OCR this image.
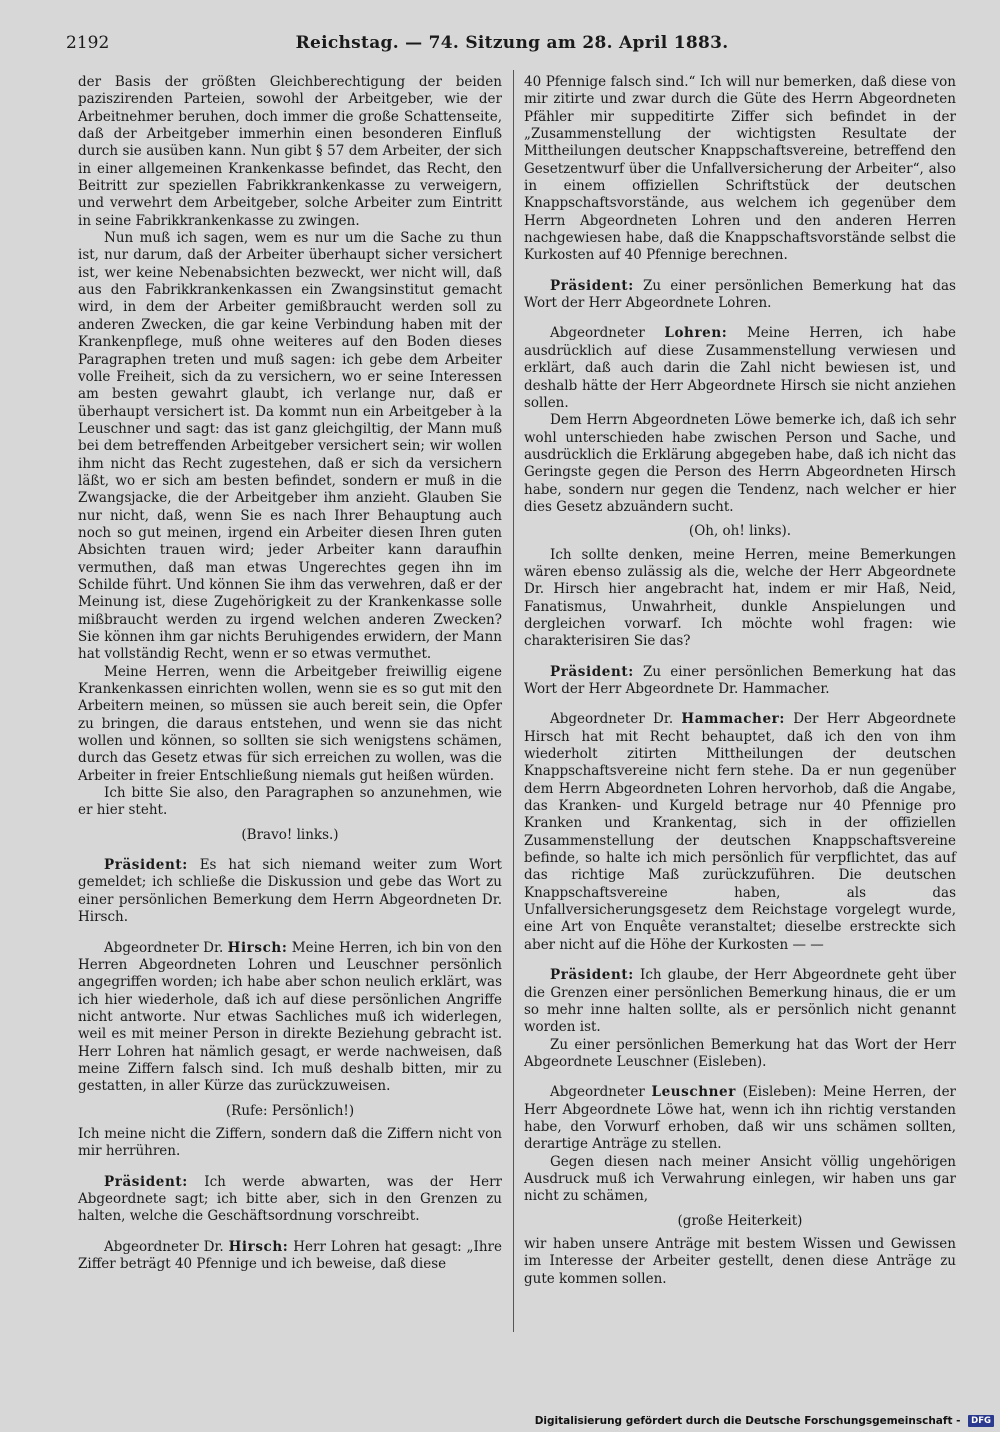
2192	Reichstag. — 74. Sitzung am 28. April 1883.

der Basis der größten Gleichberechtigung der beiden paziszirenden Parteien, sowohl der Arbeitgeber, wie der Arbeitnehmer beruhen, doch immer die große Schattenseite, daß der Arbeitgeber immerhin einen besonderen Einfluß durch sie ausüben kann. Nun gibt § 57 dem Arbeiter, der sich in einer allgemeinen Krankenkasse befindet, das Recht, den Beitritt zur speziellen Fabrikkrankenkasse zu verweigern, und verwehrt dem Arbeitgeber, solche Arbeiter zum Eintritt in seine Fabrikkrankenkasse zu zwingen.

Nun muß ich sagen, wem es nur um die Sache zu thun ist, nur darum, daß der Arbeiter überhaupt sicher versichert ist, wer keine Nebenabsichten bezweckt, wer nicht will, daß aus den Fabrikkrankenkassen ein Zwangsinstitut gemacht wird, in dem der Arbeiter gemißbraucht werden soll zu anderen Zwecken, die gar keine Verbindung haben mit der Krankenpflege, muß ohne weiteres auf den Boden dieses Paragraphen treten und muß sagen: ich gebe dem Arbeiter volle Freiheit, sich da zu versichern, wo er seine Interessen am besten gewahrt glaubt, ich verlange nur, daß er überhaupt versichert ist. Da kommt nun ein Arbeitgeber à la Leuschner und sagt: das ist ganz gleichgiltig, der Mann muß bei dem betreffenden Arbeitgeber versichert sein; wir wollen ihm nicht das Recht zugestehen, daß er sich da versichern läßt, wo er sich am besten befindet, sondern er muß in die Zwangsjacke, die der Arbeitgeber ihm anzieht. Glauben Sie nur nicht, daß, wenn Sie es nach Ihrer Behauptung auch noch so gut meinen, irgend ein Arbeiter diesen Ihren guten Absichten trauen wird; jeder Arbeiter kann daraufhin vermuthen, daß man etwas Ungerechtes gegen ihn im Schilde führt. Und können Sie ihm das verwehren, daß er der Meinung ist, diese Zugehörigkeit zu der Krankenkasse solle mißbraucht werden zu irgend welchen anderen Zwecken? Sie können ihm gar nichts Beruhigendes erwidern, der Mann hat vollständig Recht, wenn er so etwas vermuthet.

Meine Herren, wenn die Arbeitgeber freiwillig eigene Krankenkassen einrichten wollen, wenn sie es so gut mit den Arbeitern meinen, so müssen sie auch bereit sein, die Opfer zu bringen, die daraus entstehen, und wenn sie das nicht wollen und können, so sollten sie sich wenigstens schämen, durch das Gesetz etwas für sich erreichen zu wollen, was die Arbeiter in freier Entschließung niemals gut heißen würden.

Ich bitte Sie also, den Paragraphen so anzunehmen, wie er hier steht.

(Bravo! links.)

Präsident: Es hat sich niemand weiter zum Wort gemeldet; ich schließe die Diskussion und gebe das Wort zu einer persönlichen Bemerkung dem Herrn Abgeordneten Dr. Hirsch.

Abgeordneter Dr. Hirsch: Meine Herren, ich bin von den Herren Abgeordneten Lohren und Leuschner persönlich angegriffen worden; ich habe aber schon neulich erklärt, was ich hier wiederhole, daß ich auf diese persönlichen Angriffe nicht antworte. Nur etwas Sachliches muß ich widerlegen, weil es mit meiner Person in direkte Beziehung gebracht ist. Herr Lohren hat nämlich gesagt, er werde nachweisen, daß meine Ziffern falsch sind. Ich muß deshalb bitten, mir zu gestatten, in aller Kürze das zurückzuweisen.

(Rufe: Persönlich!)

Ich meine nicht die Ziffern, sondern daß die Ziffern nicht von mir herrühren.

Präsident: Ich werde abwarten, was der Herr Abgeordnete sagt; ich bitte aber, sich in den Grenzen zu halten, welche die Geschäftsordnung vorschreibt.

Abgeordneter Dr. Hirsch: Herr Lohren hat gesagt: „Ihre Ziffer beträgt 40 Pfennige und ich beweise, daß diese

40 Pfennige falsch sind.“ Ich will nur bemerken, daß diese von mir zitirte und zwar durch die Güte des Herrn Abgeordneten Pfähler mir suppeditirte Ziffer sich befindet in der „Zusammenstellung der wichtigsten Resultate der Mittheilungen deutscher Knappschaftsvereine, betreffend den Gesetzentwurf über die Unfallversicherung der Arbeiter“, also in einem offiziellen Schriftstück der deutschen Knappschaftsvorstände, aus welchem ich gegenüber dem Herrn Abgeordneten Lohren und den anderen Herren nachgewiesen habe, daß die Knappschaftsvorstände selbst die Kurkosten auf 40 Pfennige berechnen.

Präsident: Zu einer persönlichen Bemerkung hat das Wort der Herr Abgeordnete Lohren.

Abgeordneter Lohren: Meine Herren, ich habe ausdrücklich auf diese Zusammenstellung verwiesen und erklärt, daß auch darin die Zahl nicht bewiesen ist, und deshalb hätte der Herr Abgeordnete Hirsch sie nicht anziehen sollen.

Dem Herrn Abgeordneten Löwe bemerke ich, daß ich sehr wohl unterschieden habe zwischen Person und Sache, und ausdrücklich die Erklärung abgegeben habe, daß ich nicht das Geringste gegen die Person des Herrn Abgeordneten Hirsch habe, sondern nur gegen die Tendenz, nach welcher er hier dies Gesetz abzuändern sucht.

(Oh, oh! links).

Ich sollte denken, meine Herren, meine Bemerkungen wären ebenso zulässig als die, welche der Herr Abgeordnete Dr. Hirsch hier angebracht hat, indem er mir Haß, Neid, Fanatismus, Unwahrheit, dunkle Anspielungen und dergleichen vorwarf. Ich möchte wohl fragen: wie charakterisiren Sie das?

Präsident: Zu einer persönlichen Bemerkung hat das Wort der Herr Abgeordnete Dr. Hammacher.

Abgeordneter Dr. Hammacher: Der Herr Abgeordnete Hirsch hat mit Recht behauptet, daß ich den von ihm wiederholt zitirten Mittheilungen der deutschen Knappschaftsvereine nicht fern stehe. Da er nun gegenüber dem Herrn Abgeordneten Lohren hervorhob, daß die Angabe, das Kranken- und Kurgeld betrage nur 40 Pfennige pro Kranken und Krankentag, sich in der offiziellen Zusammenstellung der deutschen Knappschaftsvereine befinde, so halte ich mich persönlich für verpflichtet, das auf das richtige Maß zurückzuführen. Die deutschen Knappschaftsvereine haben, als das Unfallversicherungsgesetz dem Reichstage vorgelegt wurde, eine Art von Enquête veranstaltet; dieselbe erstreckte sich aber nicht auf die Höhe der Kurkosten — —

Präsident: Ich glaube, der Herr Abgeordnete geht über die Grenzen einer persönlichen Bemerkung hinaus, die er um so mehr inne halten sollte, als er persönlich nicht genannt worden ist.

Zu einer persönlichen Bemerkung hat das Wort der Herr Abgeordnete Leuschner (Eisleben).

Abgeordneter Leuschner (Eisleben): Meine Herren, der Herr Abgeordnete Löwe hat, wenn ich ihn richtig verstanden habe, den Vorwurf erhoben, daß wir uns schämen sollten, derartige Anträge zu stellen.

Gegen diesen nach meiner Ansicht völlig ungehörigen Ausdruck muß ich Verwahrung einlegen, wir haben uns gar nicht zu schämen,

(große Heiterkeit)

wir haben unsere Anträge mit bestem Wissen und Gewissen im Interesse der Arbeiter gestellt, denen diese Anträge zu gute kommen sollen.

Digitalisierung gefördert durch die Deutsche Forschungsgemeinschaft - DFG
